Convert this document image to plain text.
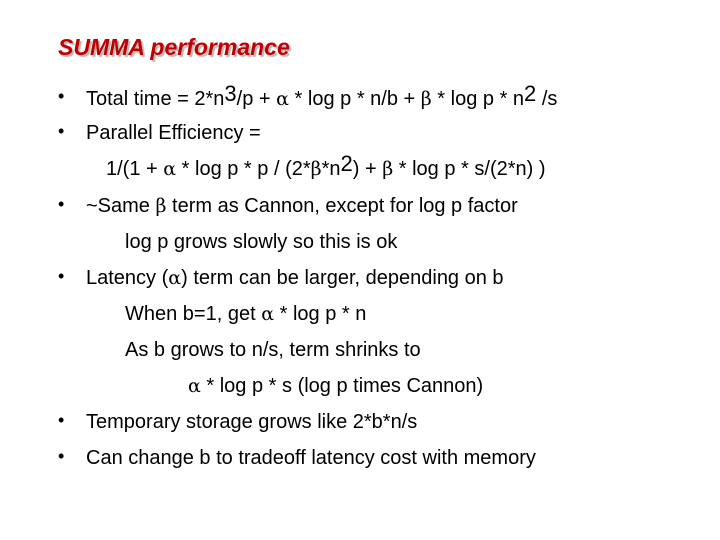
SUMMA performance
• Total time = 2*n3/p + α * log p * n/b + β * log p * n2 /s
• Parallel Efficiency =
1/(1 + α * log p * p / (2*β*n2) + β * log p * s/(2*n) )
• ~Same β term as Cannon, except for log p factor
log p grows slowly so this is ok
• Latency (α) term can be larger, depending on b
When b=1, get α * log p * n
As b grows to n/s, term shrinks to
α * log p * s (log p times Cannon)
• Temporary storage grows like 2*b*n/s
• Can change b to tradeoff latency cost with memory
